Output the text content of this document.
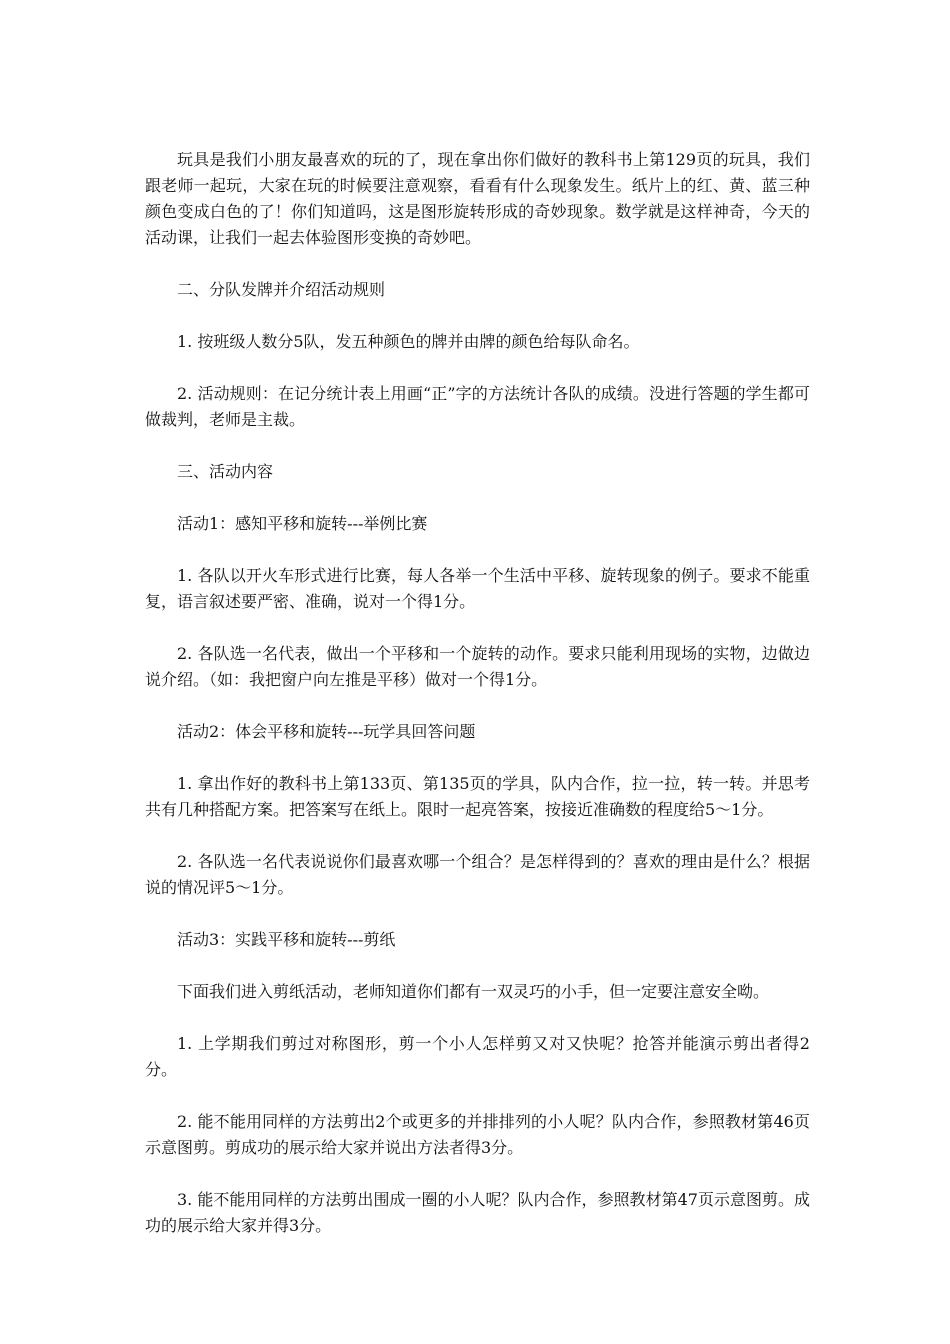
玩具是我们小朋友最喜欢的玩的了，现在拿出你们做好的教科书上第129页的玩具，我们跟老师一起玩，大家在玩的时候要注意观察，看看有什么现象发生。纸片上的红、黄、蓝三种颜色变成白色的了！你们知道吗，这是图形旋转形成的奇妙现象。数学就是这样神奇，今天的活动课，让我们一起去体验图形变换的奇妙吧。

二、分队发牌并介绍活动规则

1. 按班级人数分5队，发五种颜色的牌并由牌的颜色给每队命名。

2. 活动规则：在记分统计表上用画“正”字的方法统计各队的成绩。没进行答题的学生都可做裁判，老师是主裁。

三、活动内容

活动1：感知平移和旋转---举例比赛

1. 各队以开火车形式进行比赛，每人各举一个生活中平移、旋转现象的例子。要求不能重复，语言叙述要严密、准确，说对一个得1分。

2. 各队选一名代表，做出一个平移和一个旋转的动作。要求只能利用现场的实物，边做边说介绍。（如：我把窗户向左推是平移）做对一个得1分。

活动2：体会平移和旋转---玩学具回答问题

1. 拿出作好的教科书上第133页、第135页的学具，队内合作，拉一拉，转一转。并思考共有几种搭配方案。把答案写在纸上。限时一起亮答案，按接近准确数的程度给5～1分。

2. 各队选一名代表说说你们最喜欢哪一个组合？是怎样得到的？喜欢的理由是什么？根据说的情况评5～1分。

活动3：实践平移和旋转---剪纸

下面我们进入剪纸活动，老师知道你们都有一双灵巧的小手，但一定要注意安全呦。

1. 上学期我们剪过对称图形，剪一个小人怎样剪又对又快呢？抢答并能演示剪出者得2分。

2. 能不能用同样的方法剪出2个或更多的并排排列的小人呢？队内合作，参照教材第46页示意图剪。剪成功的展示给大家并说出方法者得3分。

3. 能不能用同样的方法剪出围成一圈的小人呢？队内合作，参照教材第47页示意图剪。成功的展示给大家并得3分。
